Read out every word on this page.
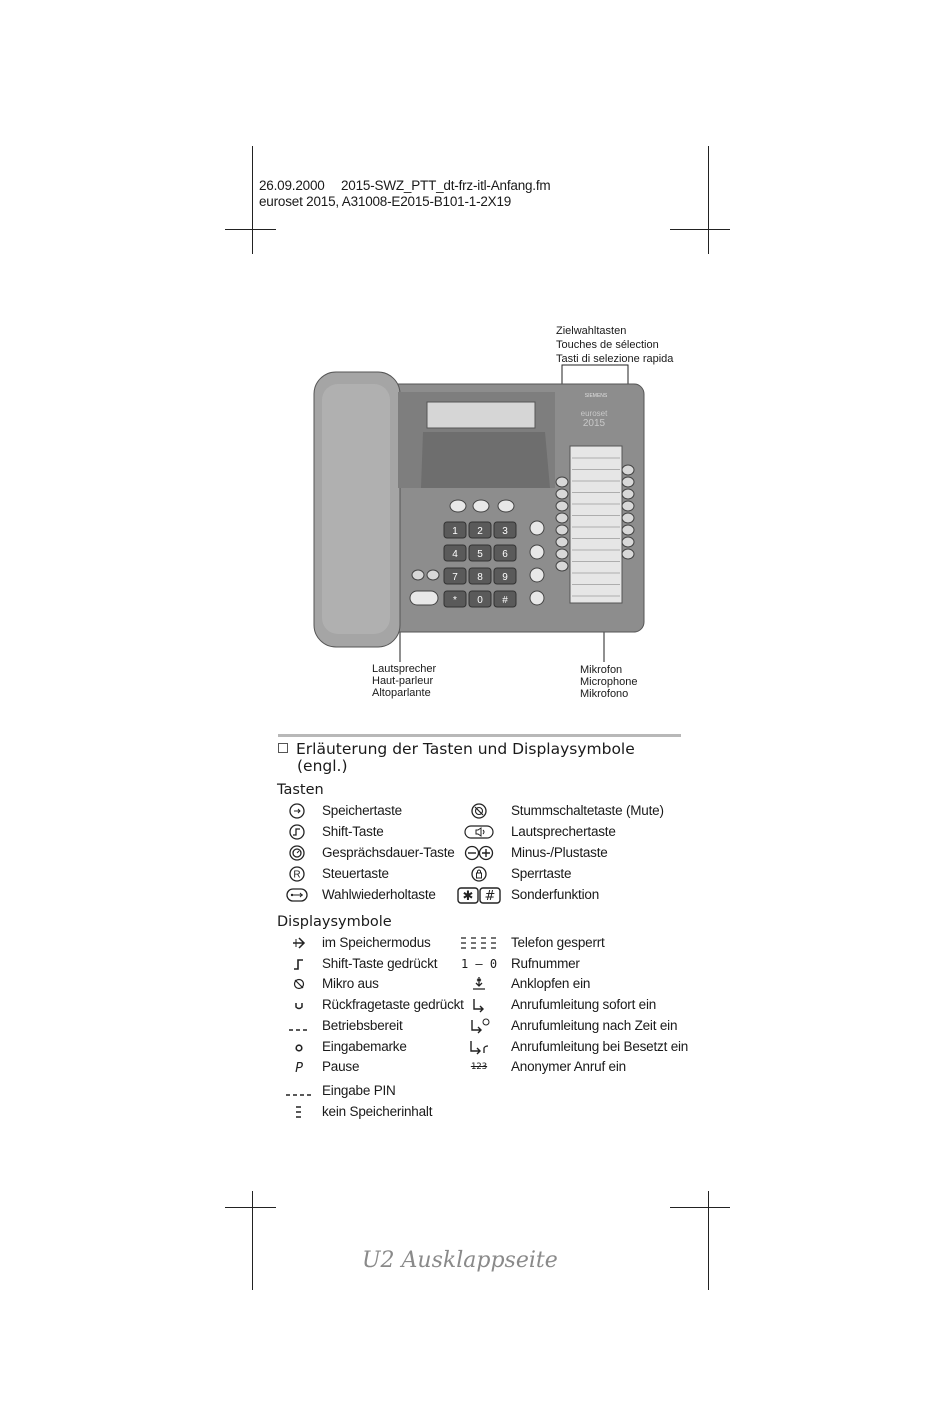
26.09.2000 2015-SWZ_PTT_dt-frz-itl-Anfang.fm
euroset 2015, A31008-E2015-B101-1-2X19
Zielwahltasten
Touches de sélection
Tasti di selezione rapida
Lautsprecher
Haut-parleur
Altoparlante
Mikrofon
Microphone
Mikrofono
SIEMENS
euroset
2015
1 2 3
4 5 6
7 8 9
* 0 #
Erläuterung der Tasten und Displaysymbole
(engl.)
Tasten
Speichertaste
Shift-Taste
Gesprächsdauer-Taste
R Steuertaste
Wahlwiederholtaste
Stummschaltetaste (Mute)
Lautsprechertaste
Minus-/Plustaste
Sperrtaste
✱ # Sonderfunktion
Displaysymbole
im Speichermodus
Shift-Taste gedrückt
Mikro aus
Rückfragetaste gedrückt
Betriebsbereit
Eingabemarke
P Pause
Eingabe PIN
kein Speicherinhalt
Telefon gesperrt
1 – 0 Rufnummer
Anklopfen ein
Anrufumleitung sofort ein
Anrufumleitung nach Zeit ein
Anrufumleitung bei Besetzt ein
123 Anonymer Anruf ein
U2 Ausklappseite
